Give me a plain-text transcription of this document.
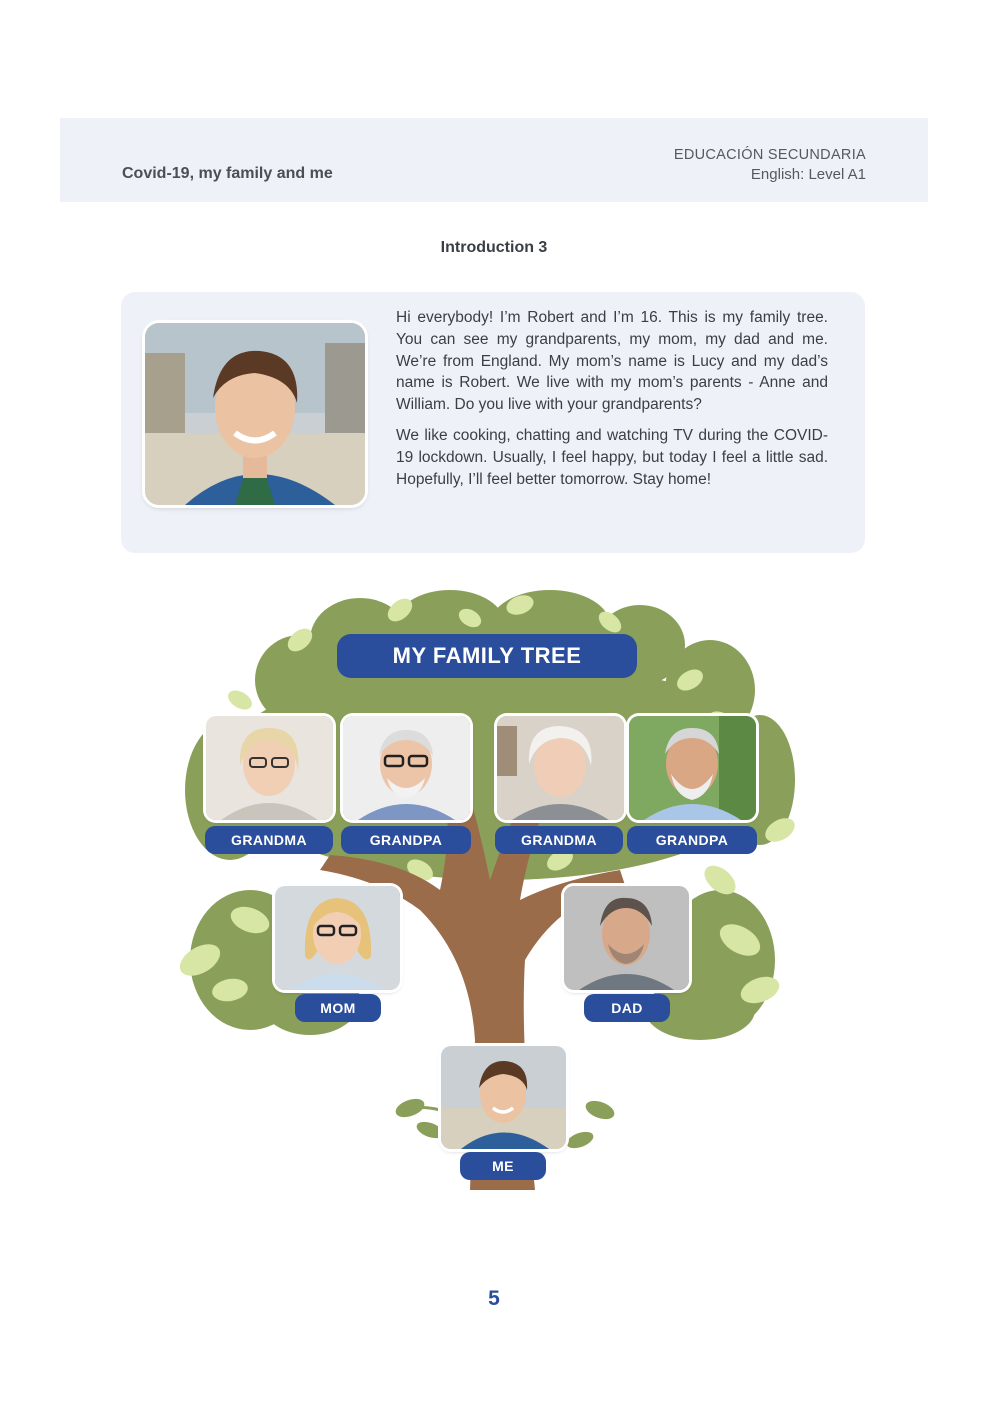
Covid-19, my family and me
EDUCACIÓN SECUNDARIA
English: Level A1
Introduction 3

Hi everybody! I’m Robert and I’m 16. This is my family tree. You can see my grandparents, my mom, my dad and me. We’re from England. My mom’s name is Lucy and my dad’s name is Robert. We live with my mom’s parents - Anne and William. Do you live with your grandparents?

We like cooking, chatting and watching TV during the COVID-19 lockdown. Usually, I feel happy, but today I feel a little sad. Hopefully, I’ll feel better tomorrow. Stay home!

MY FAMILY TREE
GRANDMA	GRANDPA	GRANDMA	GRANDPA
MOM	DAD
ME
5
